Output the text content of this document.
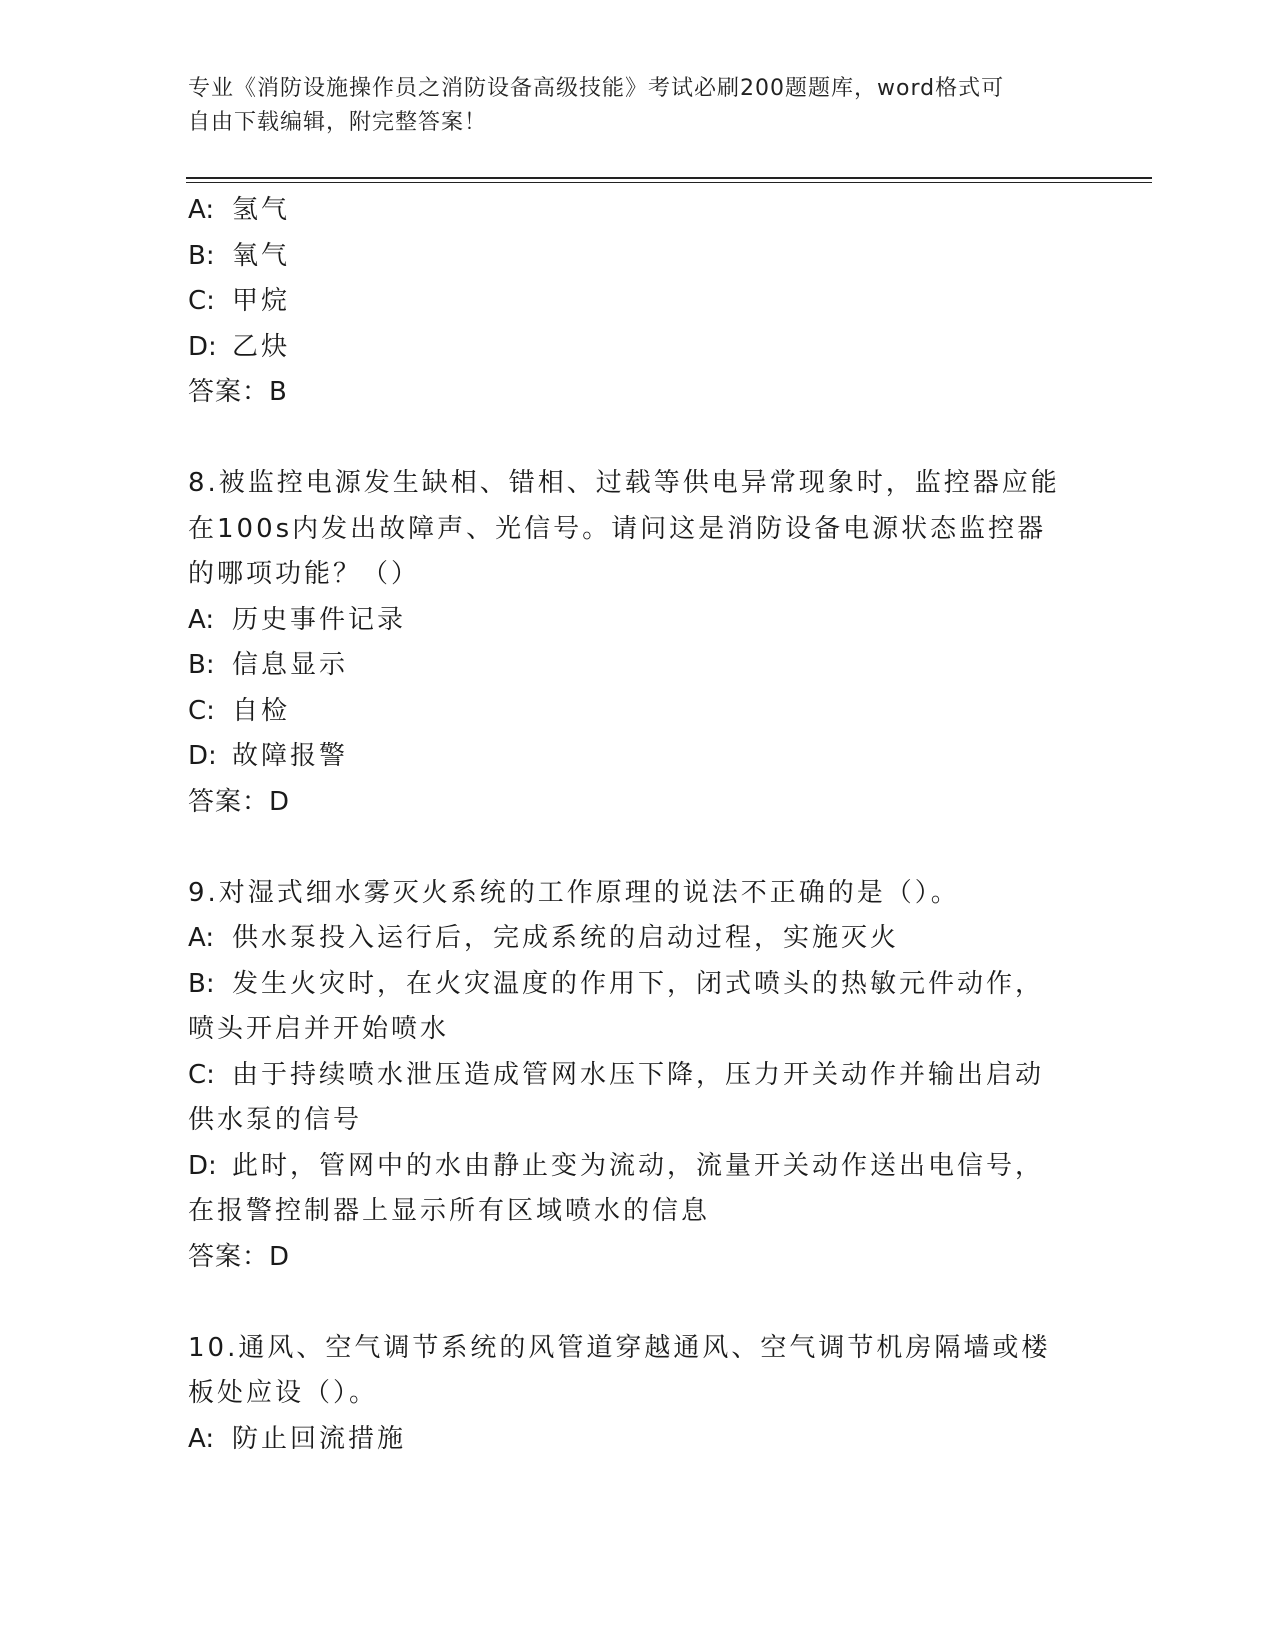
专业《消防设施操作员之消防设备高级技能》考试必刷200题题库，word格式可
自由下载编辑，附完整答案！
A: 氢气
B: 氧气
C: 甲烷
D: 乙炔
答案：B
8.被监控电源发生缺相、错相、过载等供电异常现象时，监控器应能在100s内发出故障声、光信号。请问这是消防设备电源状态监控器的哪项功能？（）
A: 历史事件记录
B: 信息显示
C: 自检
D: 故障报警
答案：D
9.对湿式细水雾灭火系统的工作原理的说法不正确的是（）。
A: 供水泵投入运行后，完成系统的启动过程，实施灭火
B: 发生火灾时，在火灾温度的作用下，闭式喷头的热敏元件动作，喷头开启并开始喷水
C: 由于持续喷水泄压造成管网水压下降，压力开关动作并输出启动供水泵的信号
D: 此时，管网中的水由静止变为流动，流量开关动作送出电信号，在报警控制器上显示所有区域喷水的信息
答案：D
10.通风、空气调节系统的风管道穿越通风、空气调节机房隔墙或楼板处应设（）。
A: 防止回流措施
